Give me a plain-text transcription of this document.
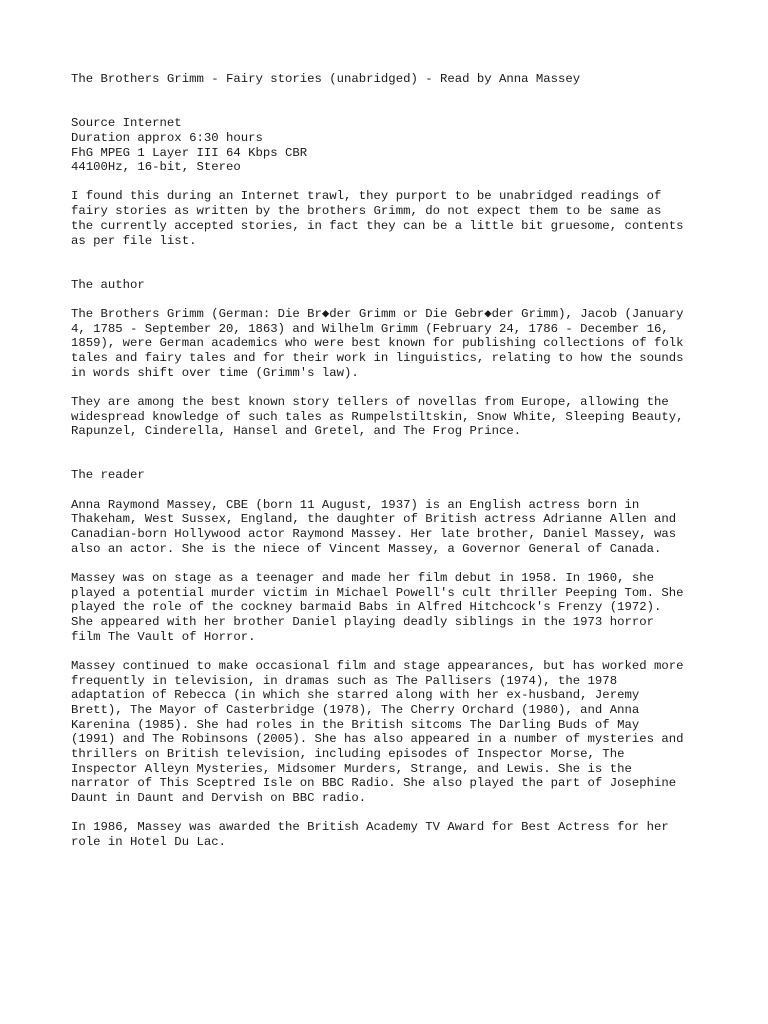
The Brothers Grimm - Fairy stories (unabridged) - Read by Anna Massey
Source Internet
Duration approx 6:30 hours
FhG MPEG 1 Layer III 64 Kbps CBR
44100Hz, 16-bit, Stereo
I found this during an Internet trawl, they purport to be unabridged readings of
fairy stories as written by the brothers Grimm, do not expect them to be same as
the currently accepted stories, in fact they can be a little bit gruesome, contents
as per file list.
The author
The Brothers Grimm (German: Die Br◆der Grimm or Die Gebr◆der Grimm), Jacob (January
4, 1785 - September 20, 1863) and Wilhelm Grimm (February 24, 1786 - December 16,
1859), were German academics who were best known for publishing collections of folk
tales and fairy tales and for their work in linguistics, relating to how the sounds
in words shift over time (Grimm's law).
They are among the best known story tellers of novellas from Europe, allowing the
widespread knowledge of such tales as Rumpelstiltskin, Snow White, Sleeping Beauty,
Rapunzel, Cinderella, Hansel and Gretel, and The Frog Prince.
The reader
Anna Raymond Massey, CBE (born 11 August, 1937) is an English actress born in
Thakeham, West Sussex, England, the daughter of British actress Adrianne Allen and
Canadian-born Hollywood actor Raymond Massey. Her late brother, Daniel Massey, was
also an actor. She is the niece of Vincent Massey, a Governor General of Canada.
Massey was on stage as a teenager and made her film debut in 1958. In 1960, she
played a potential murder victim in Michael Powell's cult thriller Peeping Tom. She
played the role of the cockney barmaid Babs in Alfred Hitchcock's Frenzy (1972).
She appeared with her brother Daniel playing deadly siblings in the 1973 horror
film The Vault of Horror.
Massey continued to make occasional film and stage appearances, but has worked more
frequently in television, in dramas such as The Pallisers (1974), the 1978
adaptation of Rebecca (in which she starred along with her ex-husband, Jeremy
Brett), The Mayor of Casterbridge (1978), The Cherry Orchard (1980), and Anna
Karenina (1985). She had roles in the British sitcoms The Darling Buds of May
(1991) and The Robinsons (2005). She has also appeared in a number of mysteries and
thrillers on British television, including episodes of Inspector Morse, The
Inspector Alleyn Mysteries, Midsomer Murders, Strange, and Lewis. She is the
narrator of This Sceptred Isle on BBC Radio. She also played the part of Josephine
Daunt in Daunt and Dervish on BBC radio.
In 1986, Massey was awarded the British Academy TV Award for Best Actress for her
role in Hotel Du Lac.
